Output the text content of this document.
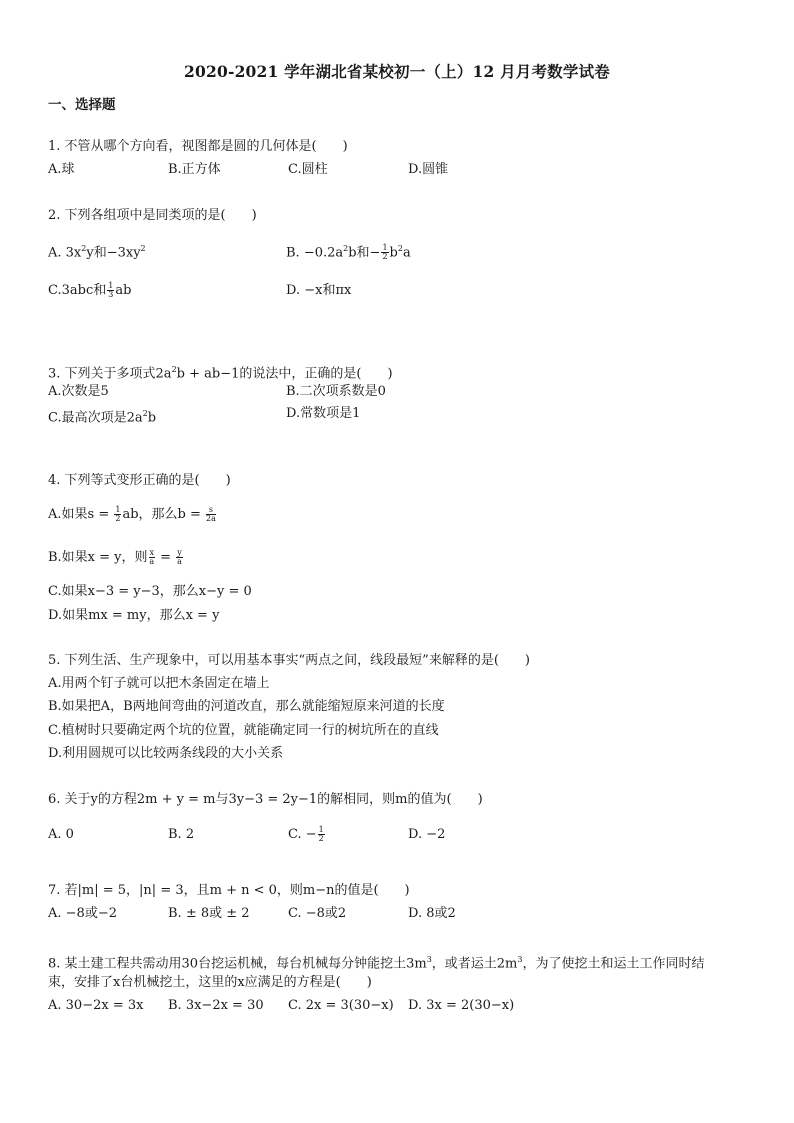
2020-2021 学年湖北省某校初一（上）12 月月考数学试卷
一、选择题
1. 不管从哪个方向看，视图都是圆的几何体是(　　)
A.球	B.正方体	C.圆柱	D.圆锥
2. 下列各组项中是同类项的是(　　)
A. $3x^2y$和$-3xy^2$	B. $-0.2a^2b$和− $\frac{1}{2} b^2a$
C.3abc和 $\frac{1}{3}$ ab	D. −x和πx
3. 下列关于多项式$2a^2b + ab-1$的说法中，正确的是(　　)
A.次数是5	B.二次项系数是0
C.最高次项是$2a^2b$	D.常数项是1
4. 下列等式变形正确的是(　　)
A.如果$s = \frac{1}{2}$ ab，那么$b = \frac{s}{2a}$
B.如果x = y，则 $\frac{x}{a} = \frac{y}{a}$
C.如果x−3 = y−3，那么x−y = 0
D.如果mx = my，那么x = y
5. 下列生活、生产现象中，可以用基本事实“两点之间，线段最短”来解释的是(　　)
A.用两个钉子就可以把木条固定在墙上
B.如果把A，B两地间弯曲的河道改直，那么就能缩短原来河道的长度
C.植树时只要确定两个坑的位置，就能确定同一行的树坑所在的直线
D.利用圆规可以比较两条线段的大小关系
6. 关于y的方程2m + y = m与3y−3 = 2y−1的解相同，则m的值为(　　)
A. 0	B. 2	C. − $\frac{1}{2}$	D. −2
7. 若|m| = 5，|n| = 3，且m + n < 0，则m−n的值是(　　)
A. −8或−2	B. ± 8或 ± 2	C. −8或2	D. 8或2
8. 某土建工程共需动用30台挖运机械，每台机械每分钟能挖土$3m^3$，或者运土$2m^3$，为了使挖土和运土工作同时结
束，安排了x台机械挖土，这里的x应满足的方程是(　　)
A. 30−2x = 3x B. 3x−2x = 30 C. 2x = 3(30−x) D. 3x = 2(30−x)
